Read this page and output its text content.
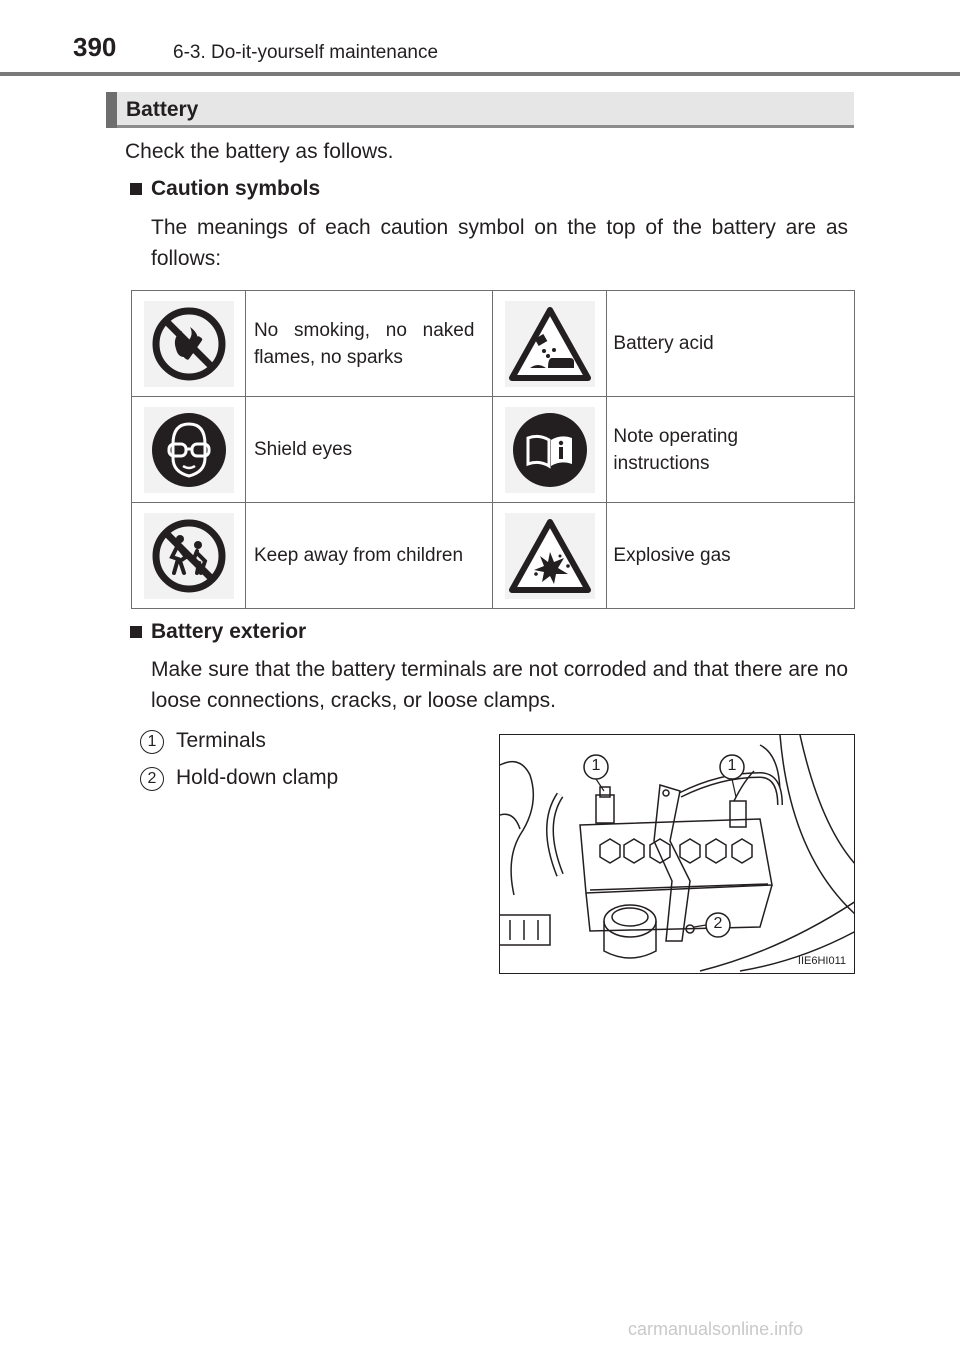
390	6-3. Do-it-yourself maintenance
Battery
Check the battery as follows.
Caution symbols
The meanings of each caution symbol on the top of the battery are as follows:
	No smoking, no naked flames, no sparks		Battery acid

	Shield eyes		Note operating instructions

	Keep away from children		Explosive gas
Battery exterior
Make sure that the battery terminals are not corroded and that there are no loose connections, cracks, or loose clamps.
1 Terminals
2 Hold-down clamp
1	1
2
IIE6HI011
carmanualsonline.info
